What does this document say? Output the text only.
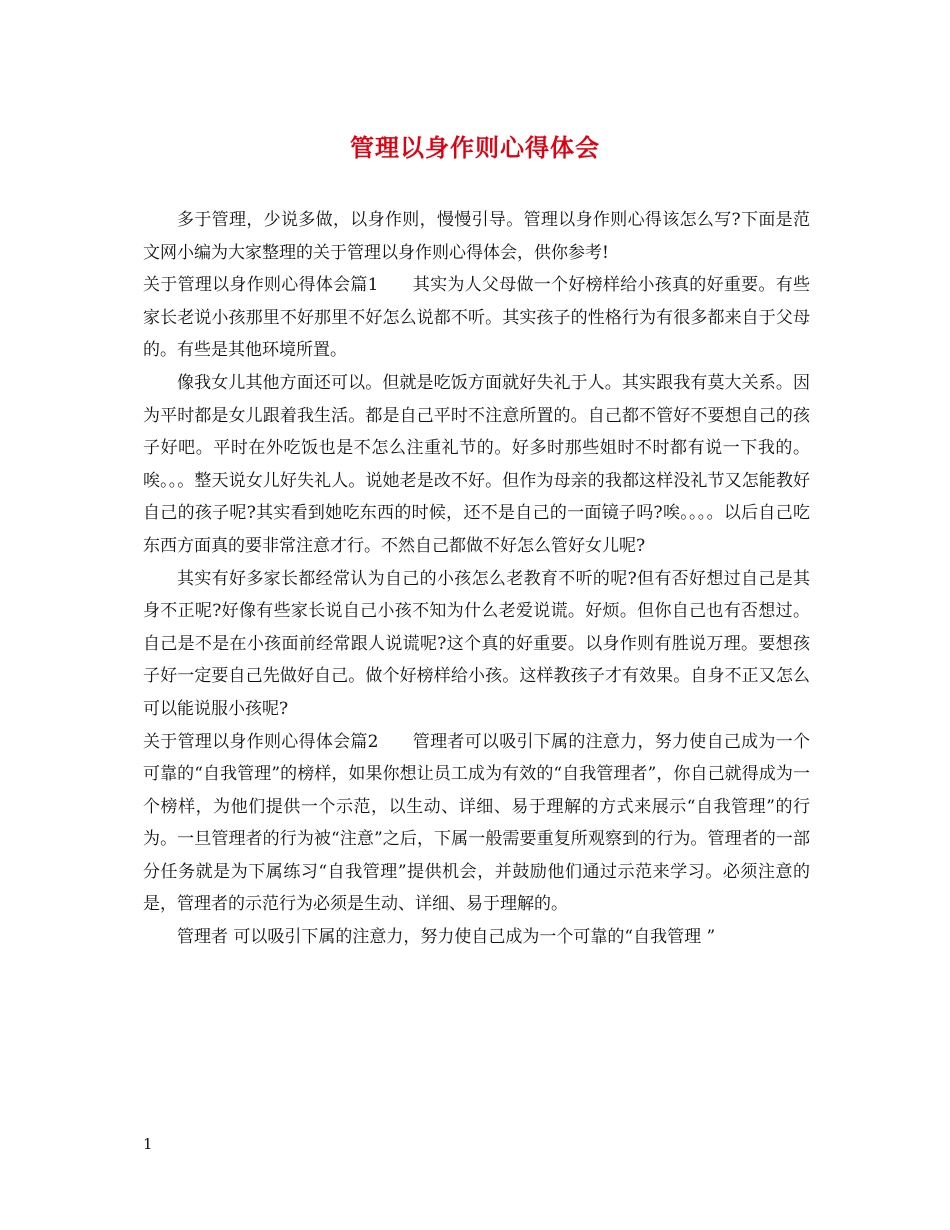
管理以身作则心得体会

多于管理，少说多做，以身作则，慢慢引导。管理以身作则心得该怎么写?下面是范文网小编为大家整理的关于管理以身作则心得体会，供你参考!

关于管理以身作则心得体会篇1   其实为人父母做一个好榜样给小孩真的好重要。有些家长老说小孩那里不好那里不好怎么说都不听。其实孩子的性格行为有很多都来自于父母的。有些是其他环境所置。

像我女儿其他方面还可以。但就是吃饭方面就好失礼于人。其实跟我有莫大关系。因为平时都是女儿跟着我生活。都是自己平时不注意所置的。自己都不管好不要想自己的孩子好吧。平时在外吃饭也是不怎么注重礼节的。好多时那些姐时不时都有说一下我的。唉。。。整天说女儿好失礼人。说她老是改不好。但作为母亲的我都这样没礼节又怎能教好自己的孩子呢?其实看到她吃东西的时候，还不是自己的一面镜子吗?唉。。。。以后自己吃东西方面真的要非常注意才行。不然自己都做不好怎么管好女儿呢?

其实有好多家长都经常认为自己的小孩怎么老教育不听的呢?但有否好想过自己是其身不正呢?好像有些家长说自己小孩不知为什么老爱说谎。好烦。但你自己也有否想过。自己是不是在小孩面前经常跟人说谎呢?这个真的好重要。以身作则有胜说万理。要想孩子好一定要自己先做好自己。做个好榜样给小孩。这样教孩子才有效果。自身不正又怎么可以能说服小孩呢?

关于管理以身作则心得体会篇2   管理者可以吸引下属的注意力，努力使自己成为一个可靠的“自我管理”的榜样，如果你想让员工成为有效的“自我管理者”，你自己就得成为一个榜样，为他们提供一个示范，以生动、详细、易于理解的方式来展示“自我管理”的行为。一旦管理者的行为被“注意”之后，下属一般需要重复所观察到的行为。管理者的一部分任务就是为下属练习“自我管理”提供机会，并鼓励他们通过示范来学习。必须注意的是，管理者的示范行为必须是生动、详细、易于理解的。

管理者 可以吸引下属的注意力，努力使自己成为一个可靠的“自我管理 ”

1
